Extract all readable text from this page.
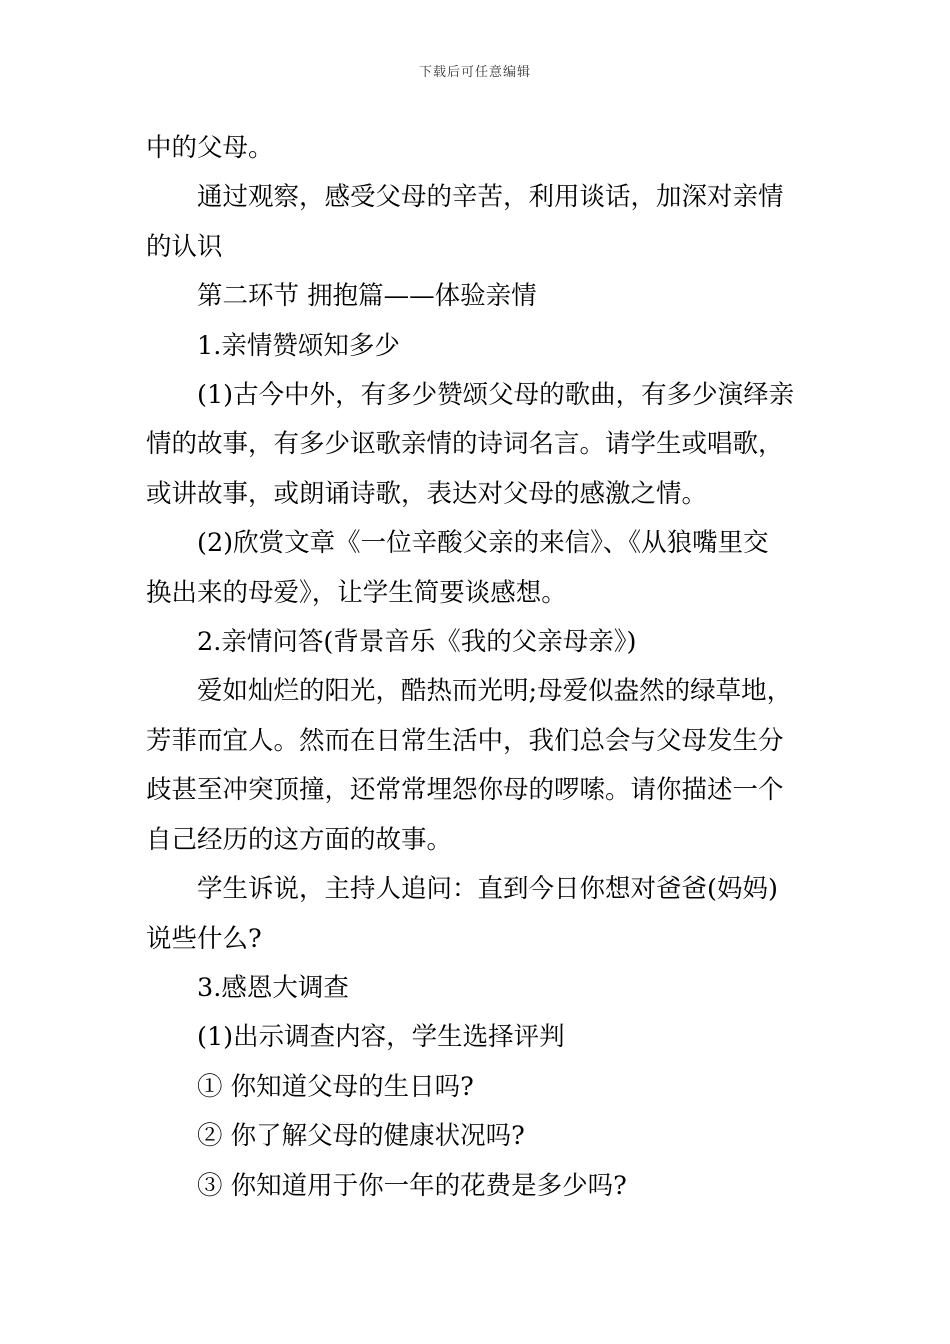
下载后可任意编辑

中的父母。

通过观察，感受父母的辛苦，利用谈话，加深对亲情

的认识

第二环节 拥抱篇——体验亲情

1.亲情赞颂知多少

(1)古今中外，有多少赞颂父母的歌曲，有多少演绎亲

情的故事，有多少讴歌亲情的诗词名言。请学生或唱歌，

或讲故事，或朗诵诗歌，表达对父母的感激之情。

(2)欣赏文章《一位辛酸父亲的来信》、《从狼嘴里交

换出来的母爱》，让学生简要谈感想。

2.亲情问答(背景音乐《我的父亲母亲》)

爱如灿烂的阳光，酷热而光明;母爱似盎然的绿草地，

芳菲而宜人。然而在日常生活中，我们总会与父母发生分

歧甚至冲突顶撞，还常常埋怨你母的啰嗦。请你描述一个

自己经历的这方面的故事。

学生诉说，主持人追问：直到今日你想对爸爸(妈妈)

说些什么?

3.感恩大调查

(1)出示调查内容，学生选择评判

① 你知道父母的生日吗?

② 你了解父母的健康状况吗?

③ 你知道用于你一年的花费是多少吗?
